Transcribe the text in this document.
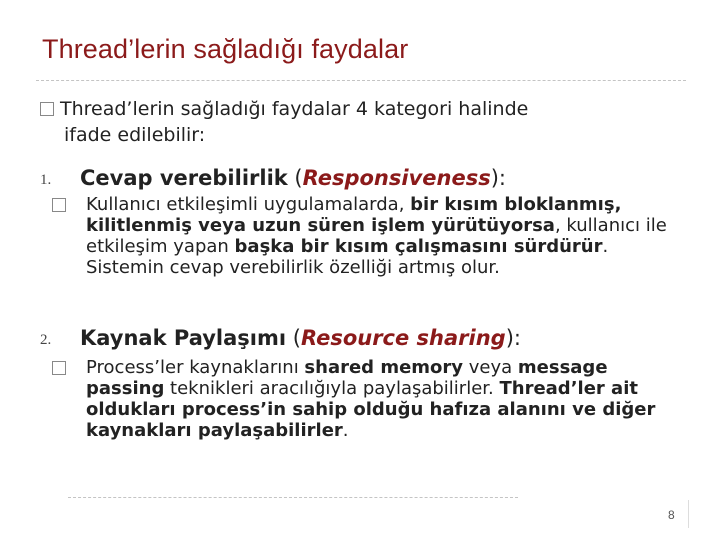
Thread’lerin sağladığı faydalar
Thread’lerin sağladığı faydalar 4 kategori halinde
ifade edilebilir:
1. Cevap verebilirlik (Responsiveness):
Kullanıcı etkileşimli uygulamalarda, bir kısım bloklanmış, kilitlenmiş veya uzun süren işlem yürütüyorsa, kullanıcı ile etkileşim yapan başka bir kısım çalışmasını sürdürür. Sistemin cevap verebilirlik özelliği artmış olur.
2. Kaynak Paylaşımı (Resource sharing):
Process’ler kaynaklarını shared memory veya message passing teknikleri aracılığıyla paylaşabilirler. Thread’ler ait oldukları process’in sahip olduğu hafıza alanını ve diğer kaynakları paylaşabilirler.
8
